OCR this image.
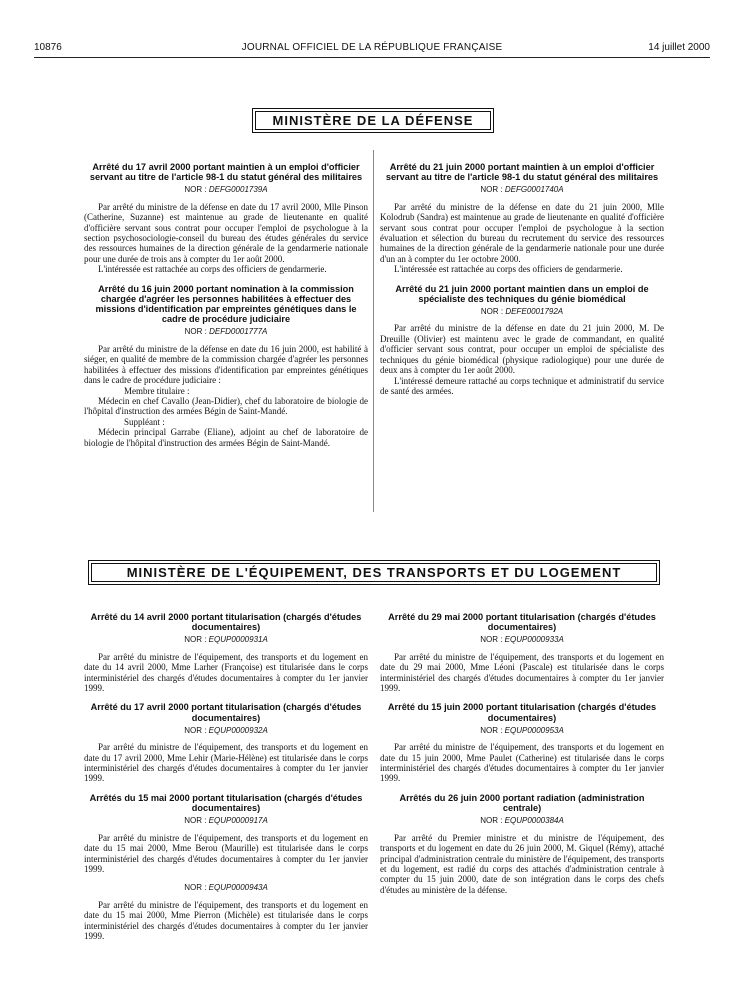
10876	JOURNAL OFFICIEL DE LA RÉPUBLIQUE FRANÇAISE	14 juillet 2000
MINISTÈRE DE LA DÉFENSE
Arrêté du 17 avril 2000 portant maintien à un emploi d'officier servant au titre de l'article 98-1 du statut général des militaires
NOR : DEFG0001739A

Par arrêté du ministre de la défense en date du 17 avril 2000, Mlle Pinson (Catherine, Suzanne) est maintenue au grade de lieutenante en qualité d'officière servant sous contrat pour occuper l'emploi de psychologue à la section psychosociologie-conseil du bureau des études générales du service des ressources humaines de la direction générale de la gendarmerie nationale pour une durée de trois ans à compter du 1er août 2000.

L'intéressée est rattachée au corps des officiers de gendarmerie.

Arrêté du 16 juin 2000 portant nomination à la commission chargée d'agréer les personnes habilitées à effectuer des missions d'identification par empreintes génétiques dans le cadre de procédure judiciaire
NOR : DEFD0001777A

Par arrêté du ministre de la défense en date du 16 juin 2000, est habilité à siéger, en qualité de membre de la commission chargée d'agréer les personnes habilitées à effectuer des missions d'identification par empreintes génétiques dans le cadre de procédure judiciaire :

Membre titulaire :

Médecin en chef Cavallo (Jean-Didier), chef du laboratoire de biologie de l'hôpital d'instruction des armées Bégin de Saint-Mandé.

Suppléant :

Médecin principal Garrabe (Eliane), adjoint au chef de laboratoire de biologie de l'hôpital d'instruction des armées Bégin de Saint-Mandé.

Arrêté du 21 juin 2000 portant maintien à un emploi d'officier servant au titre de l'article 98-1 du statut général des militaires
NOR : DEFG0001740A

Par arrêté du ministre de la défense en date du 21 juin 2000, Mlle Kolodrub (Sandra) est maintenue au grade de lieutenante en qualité d'officière servant sous contrat pour occuper l'emploi de psychologue à la section évaluation et sélection du bureau du recrutement du service des ressources humaines de la direction générale de la gendarmerie nationale pour une durée d'un an à compter du 1er octobre 2000.

L'intéressée est rattachée au corps des officiers de gendarmerie.

Arrêté du 21 juin 2000 portant maintien dans un emploi de spécialiste des techniques du génie biomédical
NOR : DEFE0001792A

Par arrêté du ministre de la défense en date du 21 juin 2000, M. De Dreuille (Olivier) est maintenu avec le grade de commandant, en qualité d'officier servant sous contrat, pour occuper un emploi de spécialiste des techniques du génie biomédical (physique radiologique) pour une durée de deux ans à compter du 1er août 2000.

L'intéressé demeure rattaché au corps technique et administratif du service de santé des armées.

MINISTÈRE DE L'ÉQUIPEMENT, DES TRANSPORTS ET DU LOGEMENT
Arrêté du 14 avril 2000 portant titularisation (chargés d'études documentaires)
NOR : EQUP0000931A

Par arrêté du ministre de l'équipement, des transports et du logement en date du 14 avril 2000, Mme Larher (Françoise) est titularisée dans le corps interministériel des chargés d'études documentaires à compter du 1er janvier 1999.

Arrêté du 17 avril 2000 portant titularisation (chargés d'études documentaires)
NOR : EQUP0000932A

Par arrêté du ministre de l'équipement, des transports et du logement en date du 17 avril 2000, Mme Lehir (Marie-Hélène) est titularisée dans le corps interministériel des chargés d'études documentaires à compter du 1er janvier 1999.

Arrêtés du 15 mai 2000 portant titularisation (chargés d'études documentaires)
NOR : EQUP0000917A

Par arrêté du ministre de l'équipement, des transports et du logement en date du 15 mai 2000, Mme Berou (Maurille) est titularisée dans le corps interministériel des chargés d'études documentaires à compter du 1er janvier 1999.

NOR : EQUP0000943A

Par arrêté du ministre de l'équipement, des transports et du logement en date du 15 mai 2000, Mme Pierron (Michèle) est titularisée dans le corps interministériel des chargés d'études documentaires à compter du 1er janvier 1999.

Arrêté du 29 mai 2000 portant titularisation (chargés d'études documentaires)
NOR : EQUP0000933A

Par arrêté du ministre de l'équipement, des transports et du logement en date du 29 mai 2000, Mme Léoni (Pascale) est titularisée dans le corps interministériel des chargés d'études documentaires à compter du 1er janvier 1999.

Arrêté du 15 juin 2000 portant titularisation (chargés d'études documentaires)
NOR : EQUP0000953A

Par arrêté du ministre de l'équipement, des transports et du logement en date du 15 juin 2000, Mme Paulet (Catherine) est titularisée dans le corps interministériel des chargés d'études documentaires à compter du 1er janvier 1999.

Arrêtés du 26 juin 2000 portant radiation (administration centrale)
NOR : EQUP0000384A

Par arrêté du Premier ministre et du ministre de l'équipement, des transports et du logement en date du 26 juin 2000, M. Giquel (Rémy), attaché principal d'administration centrale du ministère de l'équipement, des transports et du logement, est radié du corps des attachés d'administration centrale à compter du 15 juin 2000, date de son intégration dans le corps des chefs d'études au ministère de la défense.
